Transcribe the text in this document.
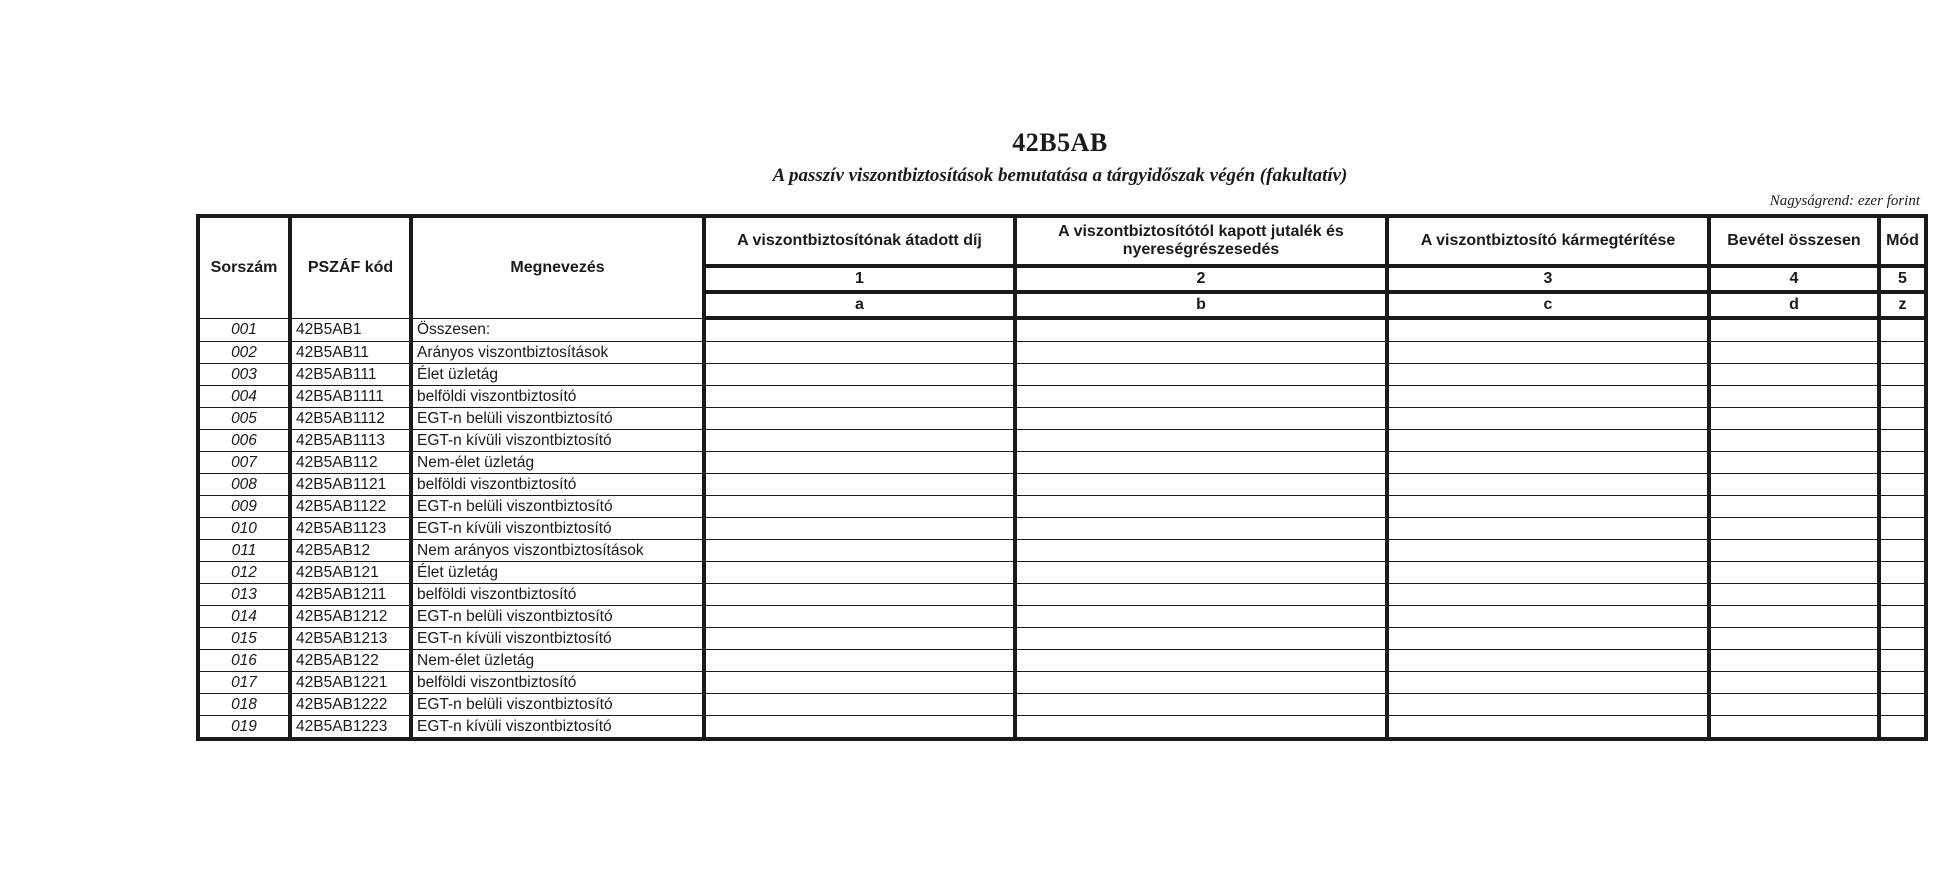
42B5AB
A passzív viszontbiztosítások bemutatása a tárgyidőszak végén (fakultatív)
Nagyságrend: ezer forint
Sorszám	PSZÁF kód	Megnevezés	A viszontbiztosítónak átadott díj	A viszontbiztosítótól kapott jutalék és nyereségrészesedés	A viszontbiztosító kármegtérítése	Bevétel összesen	Mód
			1	2	3	4	5
			a	b	c	d	z
001	42B5AB1	Összesen:					
002	42B5AB11	Arányos viszontbiztosítások					
003	42B5AB111	Élet üzletág					
004	42B5AB1111	belföldi viszontbiztosító					
005	42B5AB1112	EGT-n belüli viszontbiztosító					
006	42B5AB1113	EGT-n kívüli viszontbiztosító					
007	42B5AB112	Nem-élet üzletág					
008	42B5AB1121	belföldi viszontbiztosító					
009	42B5AB1122	EGT-n belüli viszontbiztosító					
010	42B5AB1123	EGT-n kívüli viszontbiztosító					
011	42B5AB12	Nem arányos viszontbiztosítások					
012	42B5AB121	Élet üzletág					
013	42B5AB1211	belföldi viszontbiztosító					
014	42B5AB1212	EGT-n belüli viszontbiztosító					
015	42B5AB1213	EGT-n kívüli viszontbiztosító					
016	42B5AB122	Nem-élet üzletág					
017	42B5AB1221	belföldi viszontbiztosító					
018	42B5AB1222	EGT-n belüli viszontbiztosító					
019	42B5AB1223	EGT-n kívüli viszontbiztosító					
